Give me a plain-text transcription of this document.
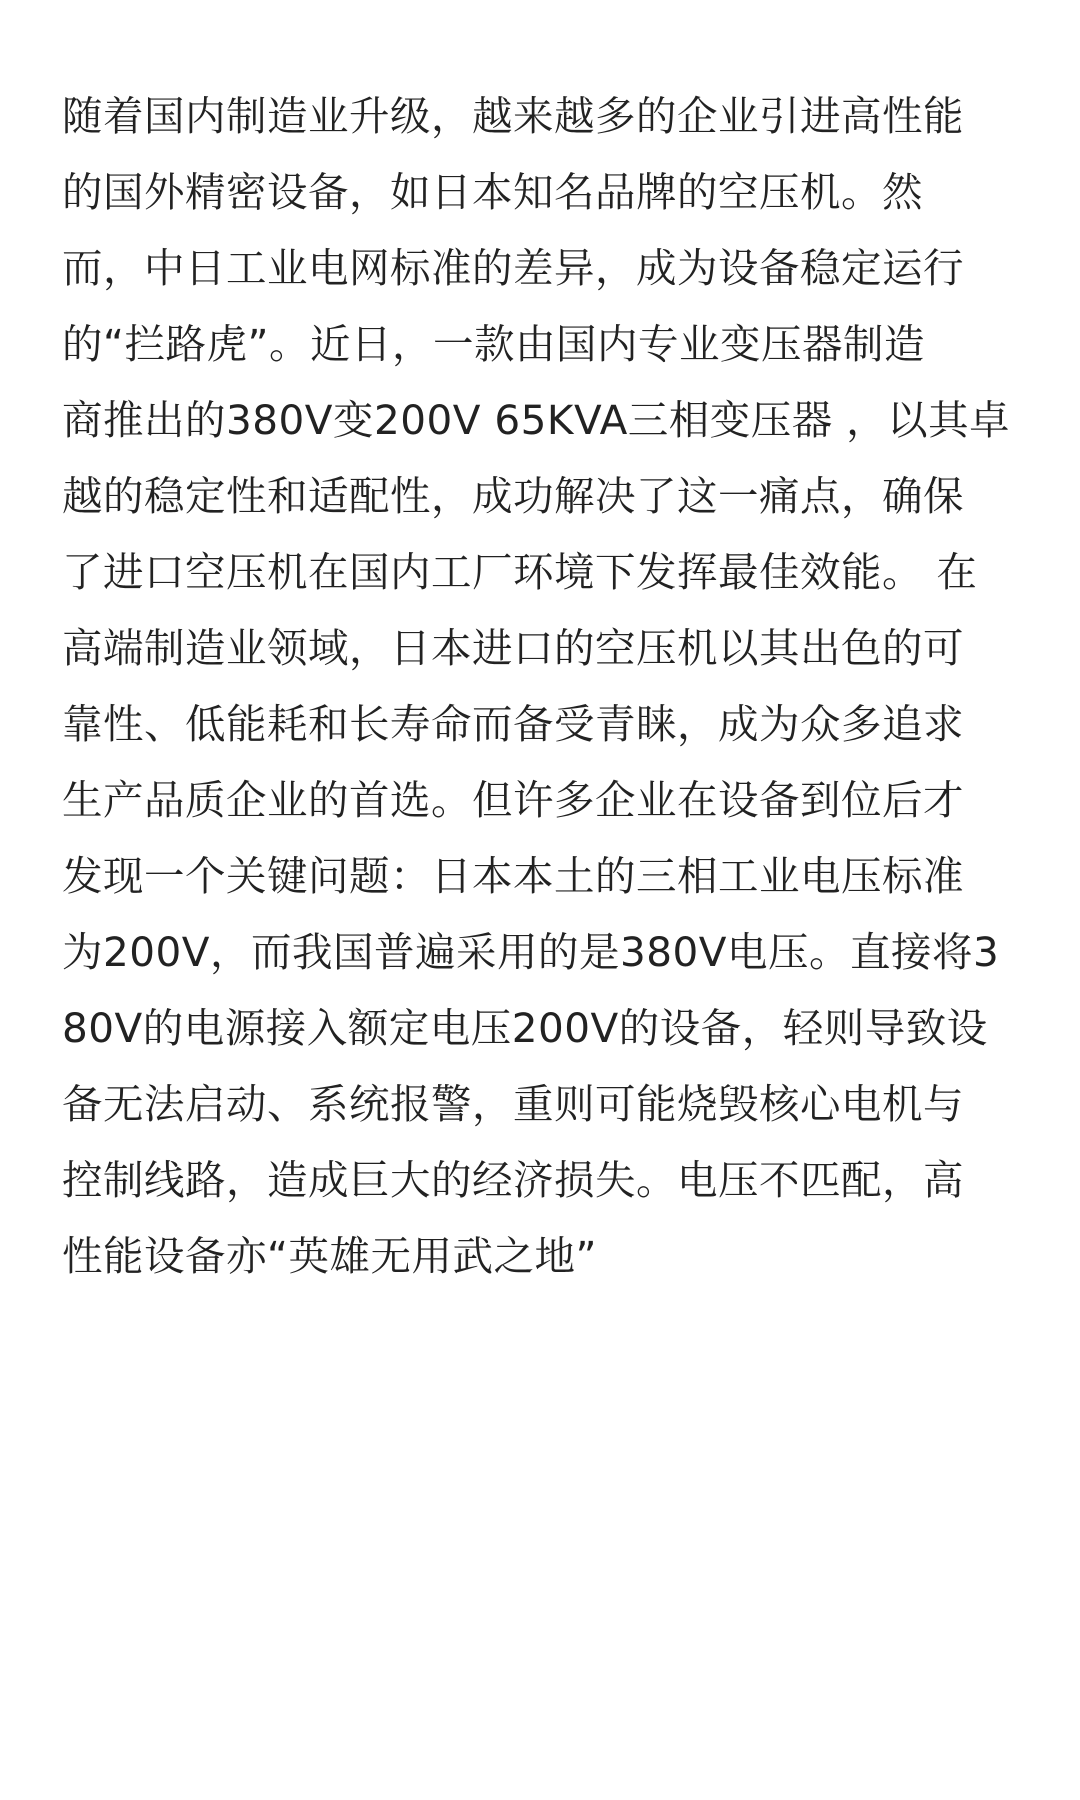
随着国内制造业升级，越来越多的企业引进高性能
的国外精密设备，如日本知名品牌的空压机。然
而，中日工业电网标准的差异，成为设备稳定运行
的“拦路虎”。近日，一款由国内专业变压器制造
商推出的380V变200V 65KVA三相变压器 ，以其卓
越的稳定性和适配性，成功解决了这一痛点，确保
了进口空压机在国内工厂环境下发挥最佳效能。 在
高端制造业领域，日本进口的空压机以其出色的可
靠性、低能耗和长寿命而备受青睐，成为众多追求
生产品质企业的首选。但许多企业在设备到位后才
发现一个关键问题：日本本土的三相工业电压标准
为200V，而我国普遍采用的是380V电压。直接将3
80V的电源接入额定电压200V的设备，轻则导致设
备无法启动、系统报警，重则可能烧毁核心电机与
控制线路，造成巨大的经济损失。电压不匹配，高
性能设备亦“英雄无用武之地”
